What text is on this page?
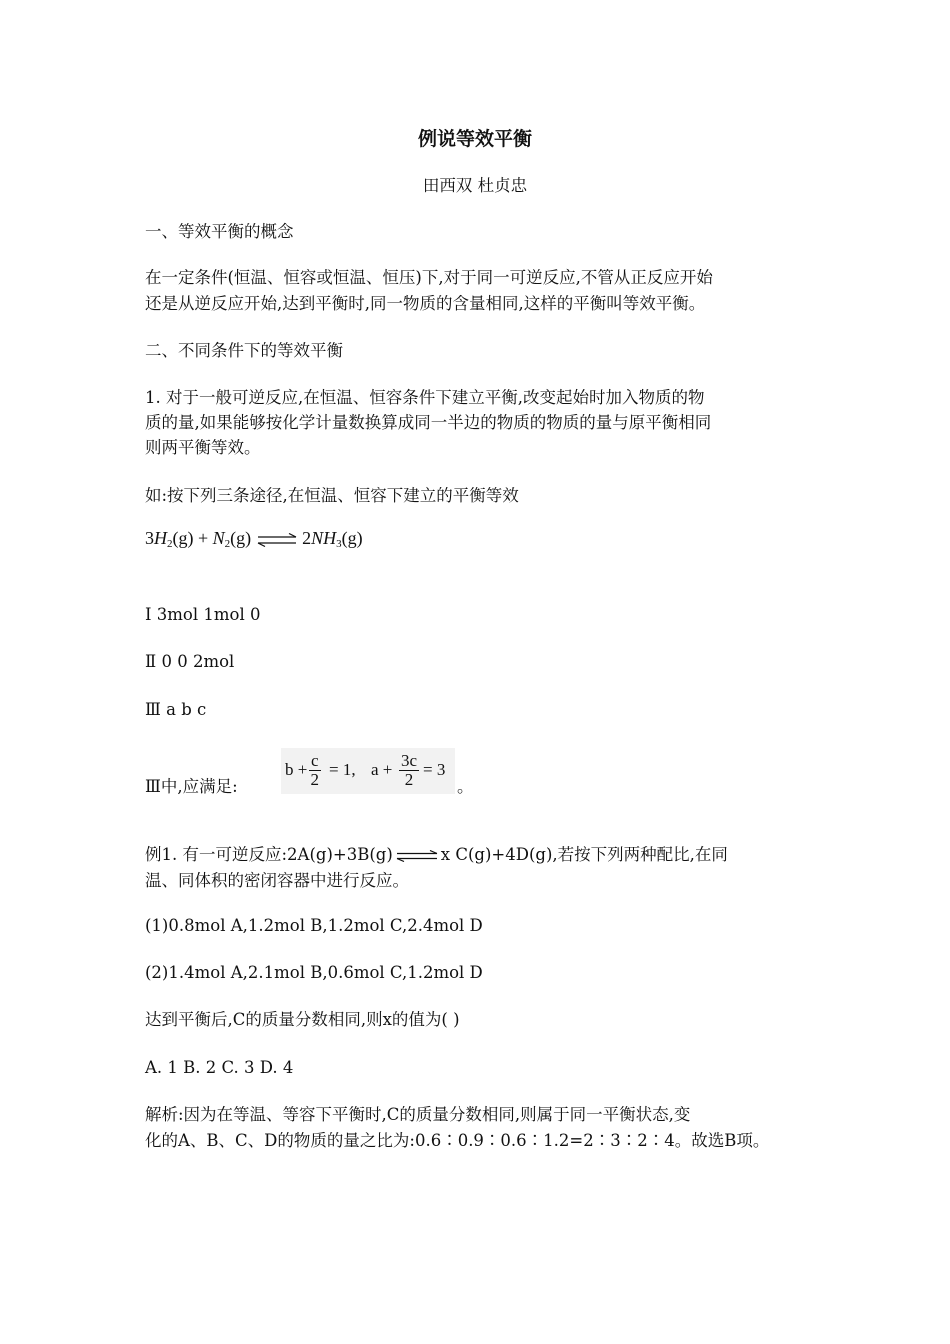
例说等效平衡
田西双 杜贞忠

一、等效平衡的概念

在一定条件(恒温、恒容或恒温、恒压)下,对于同一可逆反应,不管从正反应开始

还是从逆反应开始,达到平衡时,同一物质的含量相同,这样的平衡叫等效平衡。

二、不同条件下的等效平衡

1. 对于一般可逆反应,在恒温、恒容条件下建立平衡,改变起始时加入物质的物

质的量,如果能够按化学计量数换算成同一半边的物质的物质的量与原平衡相同

则两平衡等效。

如:按下列三条途径,在恒温、恒容下建立的平衡等效

$3H_2(g) + N_2(g)$ ⇌ $2NH_3(g)$

Ⅰ 3mol 1mol 0

Ⅱ 0 0 2mol

Ⅲ a b c

Ⅲ中,应满足:

$b + \frac{c}{2} = 1$, $a + \frac{3c}{2} = 3$
。
例1. 有一可逆反应:2A(g)+3B(g) ⇌ x C(g)+4D(g),若按下列两种配比,在同

温、同体积的密闭容器中进行反应。

(1)0.8mol A,1.2mol B,1.2mol C,2.4mol D

(2)1.4mol A,2.1mol B,0.6mol C,1.2mol D

达到平衡后,C的质量分数相同,则x的值为( )

A. 1 B. 2 C. 3 D. 4

解析:因为在等温、等容下平衡时,C的质量分数相同,则属于同一平衡状态,变

化的A、B、C、D的物质的量之比为:0.6∶0.9∶0.6∶1.2=2∶3∶2∶4。故选B项。
